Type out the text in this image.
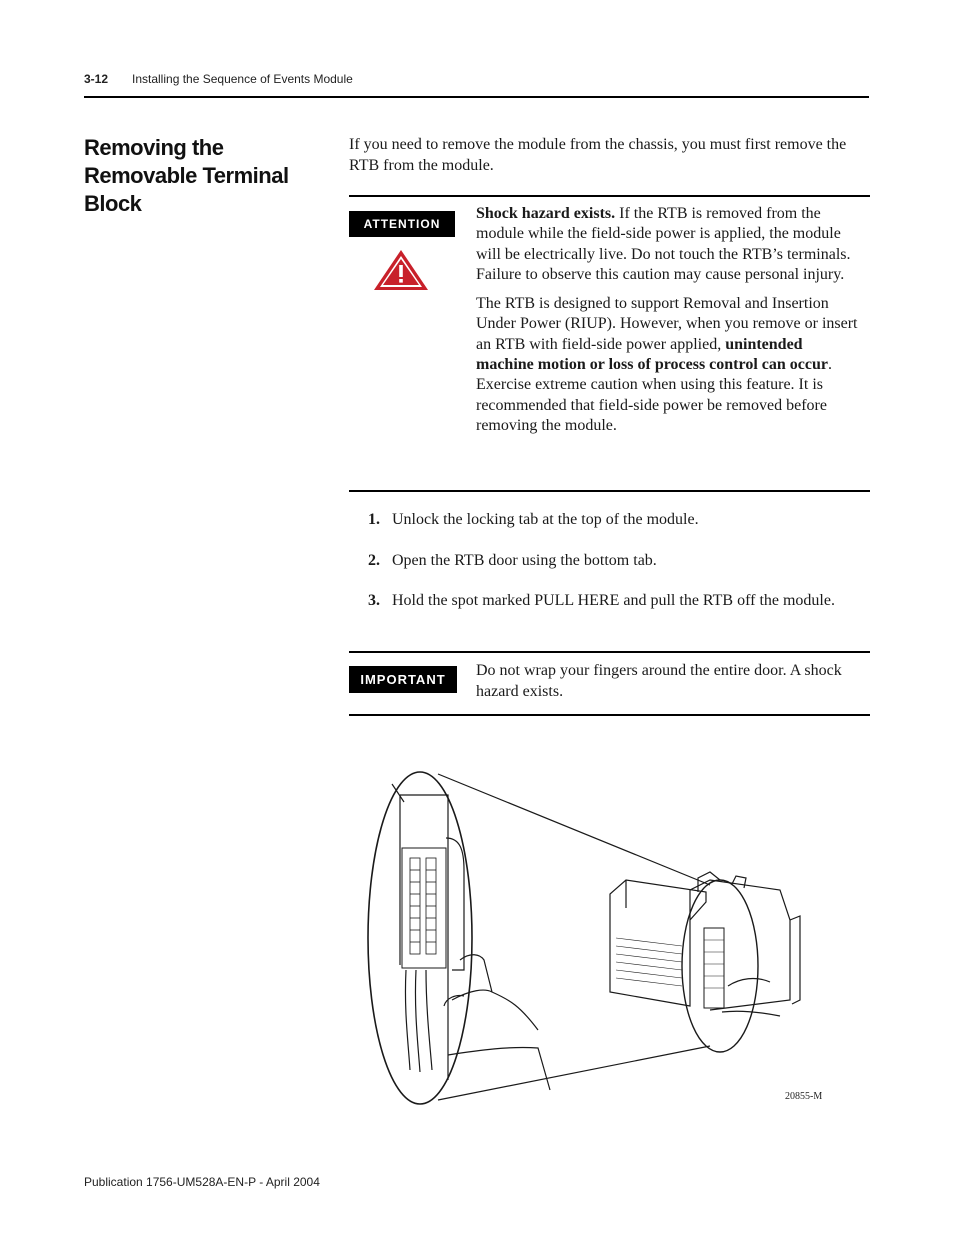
3-12 Installing the Sequence of Events Module
Removing the Removable Terminal Block
If you need to remove the module from the chassis, you must first remove the RTB from the module.
ATTENTION

Shock hazard exists. If the RTB is removed from the module while the field-side power is applied, the module will be electrically live. Do not touch the RTB’s terminals. Failure to observe this caution may cause personal injury.

The RTB is designed to support Removal and Insertion Under Power (RIUP). However, when you remove or insert an RTB with field-side power applied, unintended machine motion or loss of process control can occur. Exercise extreme caution when using this feature. It is recommended that field-side power be removed before removing the module.

1. Unlock the locking tab at the top of the module.
2. Open the RTB door using the bottom tab.
3. Hold the spot marked PULL HERE and pull the RTB off the module.
IMPORTANT
Do not wrap your fingers around the entire door. A shock hazard exists.
20855-M
Publication 1756-UM528A-EN-P - April 2004
